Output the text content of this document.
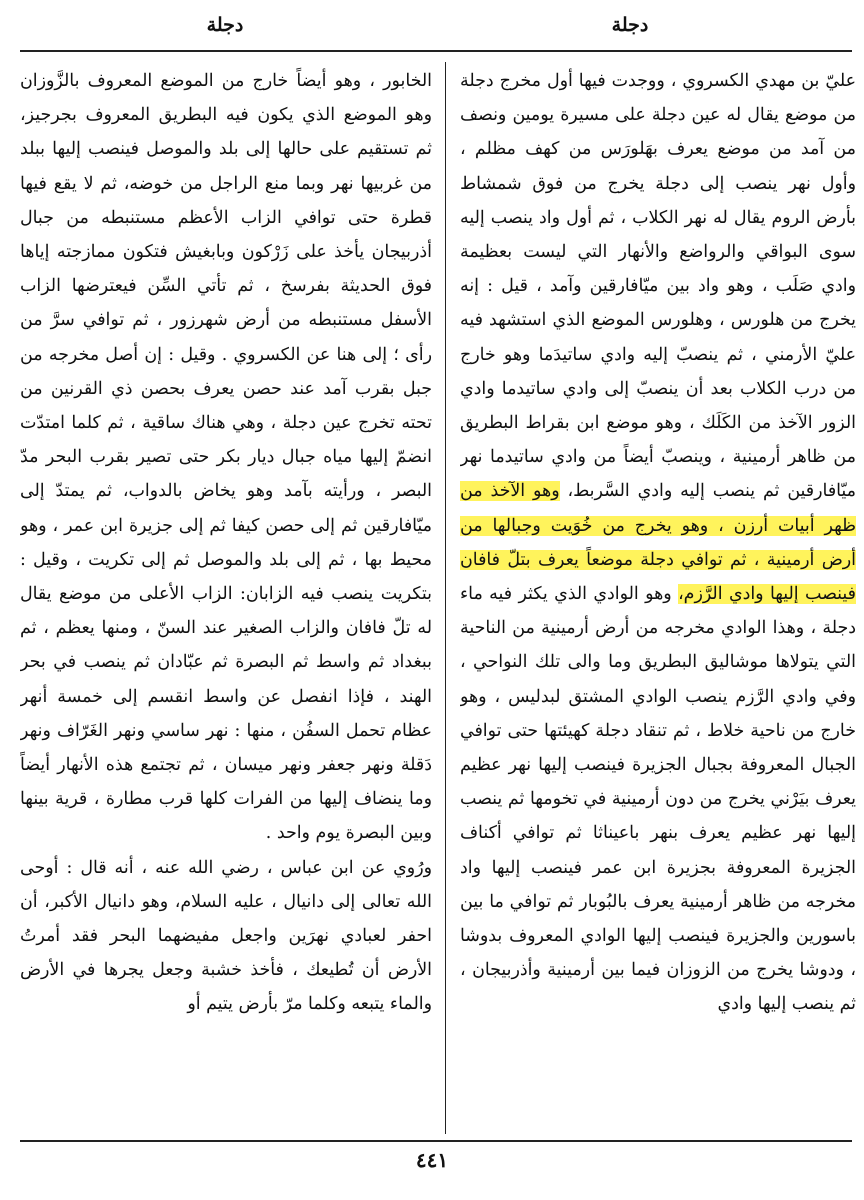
دجلة	دجلة

عليّ بن مهدي الكسروي ، ووجدت فيها أول مخرج دجلة من موضع يقال له عين دجلة على مسيرة يومين ونصف من آمد من موضع يعرف بهَلورَس من كهف مظلم ، وأول نهر ينصب إلى دجلة يخرج من فوق شمشاط بأرض الروم يقال له نهر الكلاب ، ثم أول واد ينصب إليه سوى البواقي والرواضع والأنهار التي ليست بعظيمة وادي صَلَب ، وهو واد بين ميّافارقين وآمد ، قيل : إنه يخرج من هلورس ، وهلورس الموضع الذي استشهد فيه عليّ الأرمني ، ثم ينصبّ إليه وادي ساتيدَما وهو خارج من درب الكلاب بعد أن ينصبّ إلى وادي ساتيدما وادي الزور الآخذ من الكَلَك ، وهو موضع ابن بقراط البطريق من ظاهر أرمينية ، وينصبّ أيضاً من وادي ساتيدما نهر ميّافارقين ثم ينصب إليه وادي السَّربط، وهو الآخذ من ظهر أبيات أرزن ، وهو يخرج من خُوَيت وجبالها من أرض أرمينية ، ثم توافي دجلة موضعاً يعرف بتلّ فافان فينصب إليها وادي الرَّزم، وهو الوادي الذي يكثر فيه ماء دجلة ، وهذا الوادي مخرجه من أرض أرمينية من الناحية التي يتولاها موشاليق البطريق وما والى تلك النواحي ، وفي وادي الرَّزم ينصب الوادي المشتق لبدليس ، وهو خارج من ناحية خلاط ، ثم تنقاد دجلة كهيئتها حتى توافي الجبال المعروفة بجبال الجزيرة فينصب إليها نهر عظيم يعرف بيَرْني يخرج من دون أرمينية في تخومها ثم ينصب إليها نهر عظيم يعرف بنهر باعيناثا ثم توافي أكناف الجزيرة المعروفة بجزيرة ابن عمر فينصب إليها واد مخرجه من ظاهر أرمينية يعرف بالبُوبار ثم توافي ما بين باسورين والجزيرة فينصب إليها الوادي المعروف بدوشا ، ودوشا يخرج من الزوزان فيما بين أرمينية وأذربيجان ، ثم ينصب إليها وادي

الخابور ، وهو أيضاً خارج من الموضع المعروف بالزَّوزان وهو الموضع الذي يكون فيه البطريق المعروف بجرجيز، ثم تستقيم على حالها إلى بلد والموصل فينصب إليها ببلد من غربيها نهر وبما منع الراجل من خوضه، ثم لا يقع فيها قطرة حتى توافي الزاب الأعظم مستنبطه من جبال أذربيجان يأخذ على زَرْكون وبابغيش فتكون ممازجته إياها فوق الحديثة بفرسخ ، ثم تأتي السِّن فيعترضها الزاب الأسفل مستنبطه من أرض شهرزور ، ثم توافي سرَّ من رأى ؛ إلى هنا عن الكسروي . وقيل : إن أصل مخرجه من جبل بقرب آمد عند حصن يعرف بحصن ذي القرنين من تحته تخرج عين دجلة ، وهي هناك ساقية ، ثم كلما امتدّت انضمّ إليها مياه جبال ديار بكر حتى تصير بقرب البحر مدّ البصر ، ورأيته بآمد وهو يخاض بالدواب، ثم يمتدّ إلى ميّافارقين ثم إلى حصن كيفا ثم إلى جزيرة ابن عمر ، وهو محيط بها ، ثم إلى بلد والموصل ثم إلى تكريت ، وقيل : بتكريت ينصب فيه الزابان: الزاب الأعلى من موضع يقال له تلّ فافان والزاب الصغير عند السنّ ، ومنها يعظم ، ثم ببغداد ثم واسط ثم البصرة ثم عبّادان ثم ينصب في بحر الهند ، فإذا انفصل عن واسط انقسم إلى خمسة أنهر عظام تحمل السفُن ، منها : نهر ساسي ونهر الغَرّاف ونهر دَقلة ونهر جعفر ونهر ميسان ، ثم تجتمع هذه الأنهار أيضاً وما ينضاف إليها من الفرات كلها قرب مطارة ، قرية بينها وبين البصرة يوم واحد .

ورُوي عن ابن عباس ، رضي الله عنه ، أنه قال : أوحى الله تعالى إلى دانيال ، عليه السلام، وهو دانيال الأكبر، أن احفر لعبادي نهرَين واجعل مفيضهما البحر فقد أمرتُ الأرض أن تُطيعك ، فأخذ خشبة وجعل يجرها في الأرض والماء يتبعه وكلما مرّ بأرض يتيم أو

٤٤١
